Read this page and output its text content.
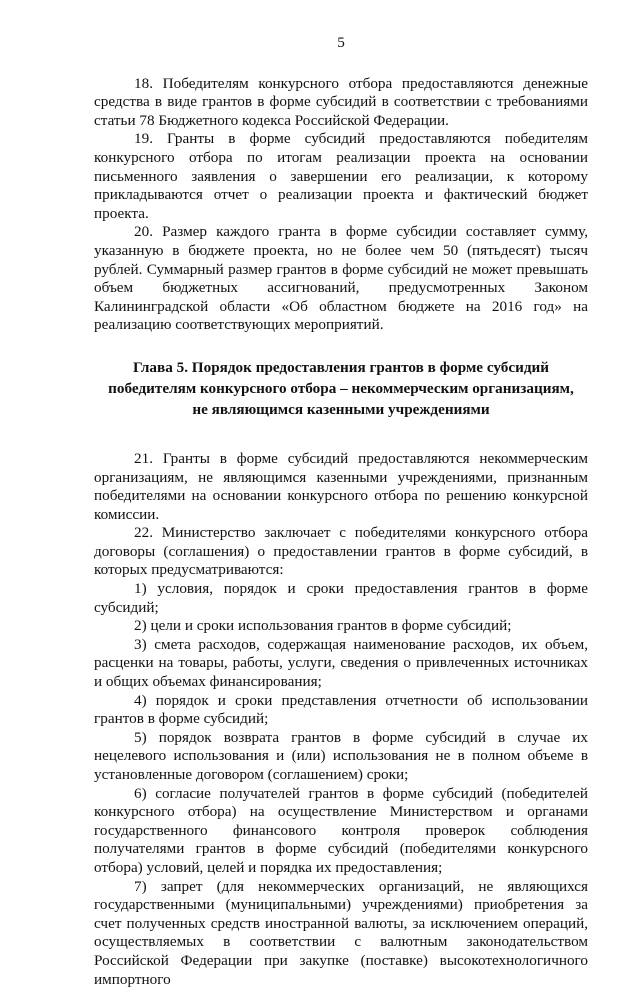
5

18. Победителям конкурсного отбора предоставляются денежные средства в виде грантов в форме субсидий в соответствии с требованиями статьи 78 Бюджетного кодекса Российской Федерации.

19. Гранты в форме субсидий предоставляются победителям конкурсного отбора по итогам реализации проекта на основании письменного заявления о завершении его реализации, к которому прикладываются отчет о реализации проекта и фактический бюджет проекта.

20. Размер каждого гранта в форме субсидии составляет сумму, указанную в бюджете проекта, но не более чем 50 (пятьдесят) тысяч рублей. Суммарный размер грантов в форме субсидий не может превышать объем бюджетных ассигнований, предусмотренных Законом Калининградской области «Об областном бюджете на 2016 год» на реализацию соответствующих мероприятий.

Глава 5. Порядок предоставления грантов в форме субсидий
победителям конкурсного отбора – некоммерческим организациям,
не являющимся казенными учреждениями

21. Гранты в форме субсидий предоставляются некоммерческим организациям, не являющимся казенными учреждениями, признанным победителями на основании конкурсного отбора по решению конкурсной комиссии.

22. Министерство заключает с победителями конкурсного отбора договоры (соглашения) о предоставлении грантов в форме субсидий, в которых предусматриваются:

1) условия, порядок и сроки предоставления грантов в форме субсидий;

2) цели и сроки использования грантов в форме субсидий;

3) смета расходов, содержащая наименование расходов, их объем, расценки на товары, работы, услуги, сведения о привлеченных источниках и общих объемах финансирования;

4) порядок и сроки представления отчетности об использовании грантов в форме субсидий;

5) порядок возврата грантов в форме субсидий в случае их нецелевого использования и (или) использования не в полном объеме в установленные договором (соглашением) сроки;

6) согласие получателей грантов в форме субсидий (победителей конкурсного отбора) на осуществление Министерством и органами государственного финансового контроля проверок соблюдения получателями грантов в форме субсидий (победителями конкурсного отбора) условий, целей и порядка их предоставления;

7) запрет (для некоммерческих организаций, не являющихся государственными (муниципальными) учреждениями) приобретения за счет полученных средств иностранной валюты, за исключением операций, осуществляемых в соответствии с валютным законодательством Российской Федерации при закупке (поставке) высокотехнологичного импортного
